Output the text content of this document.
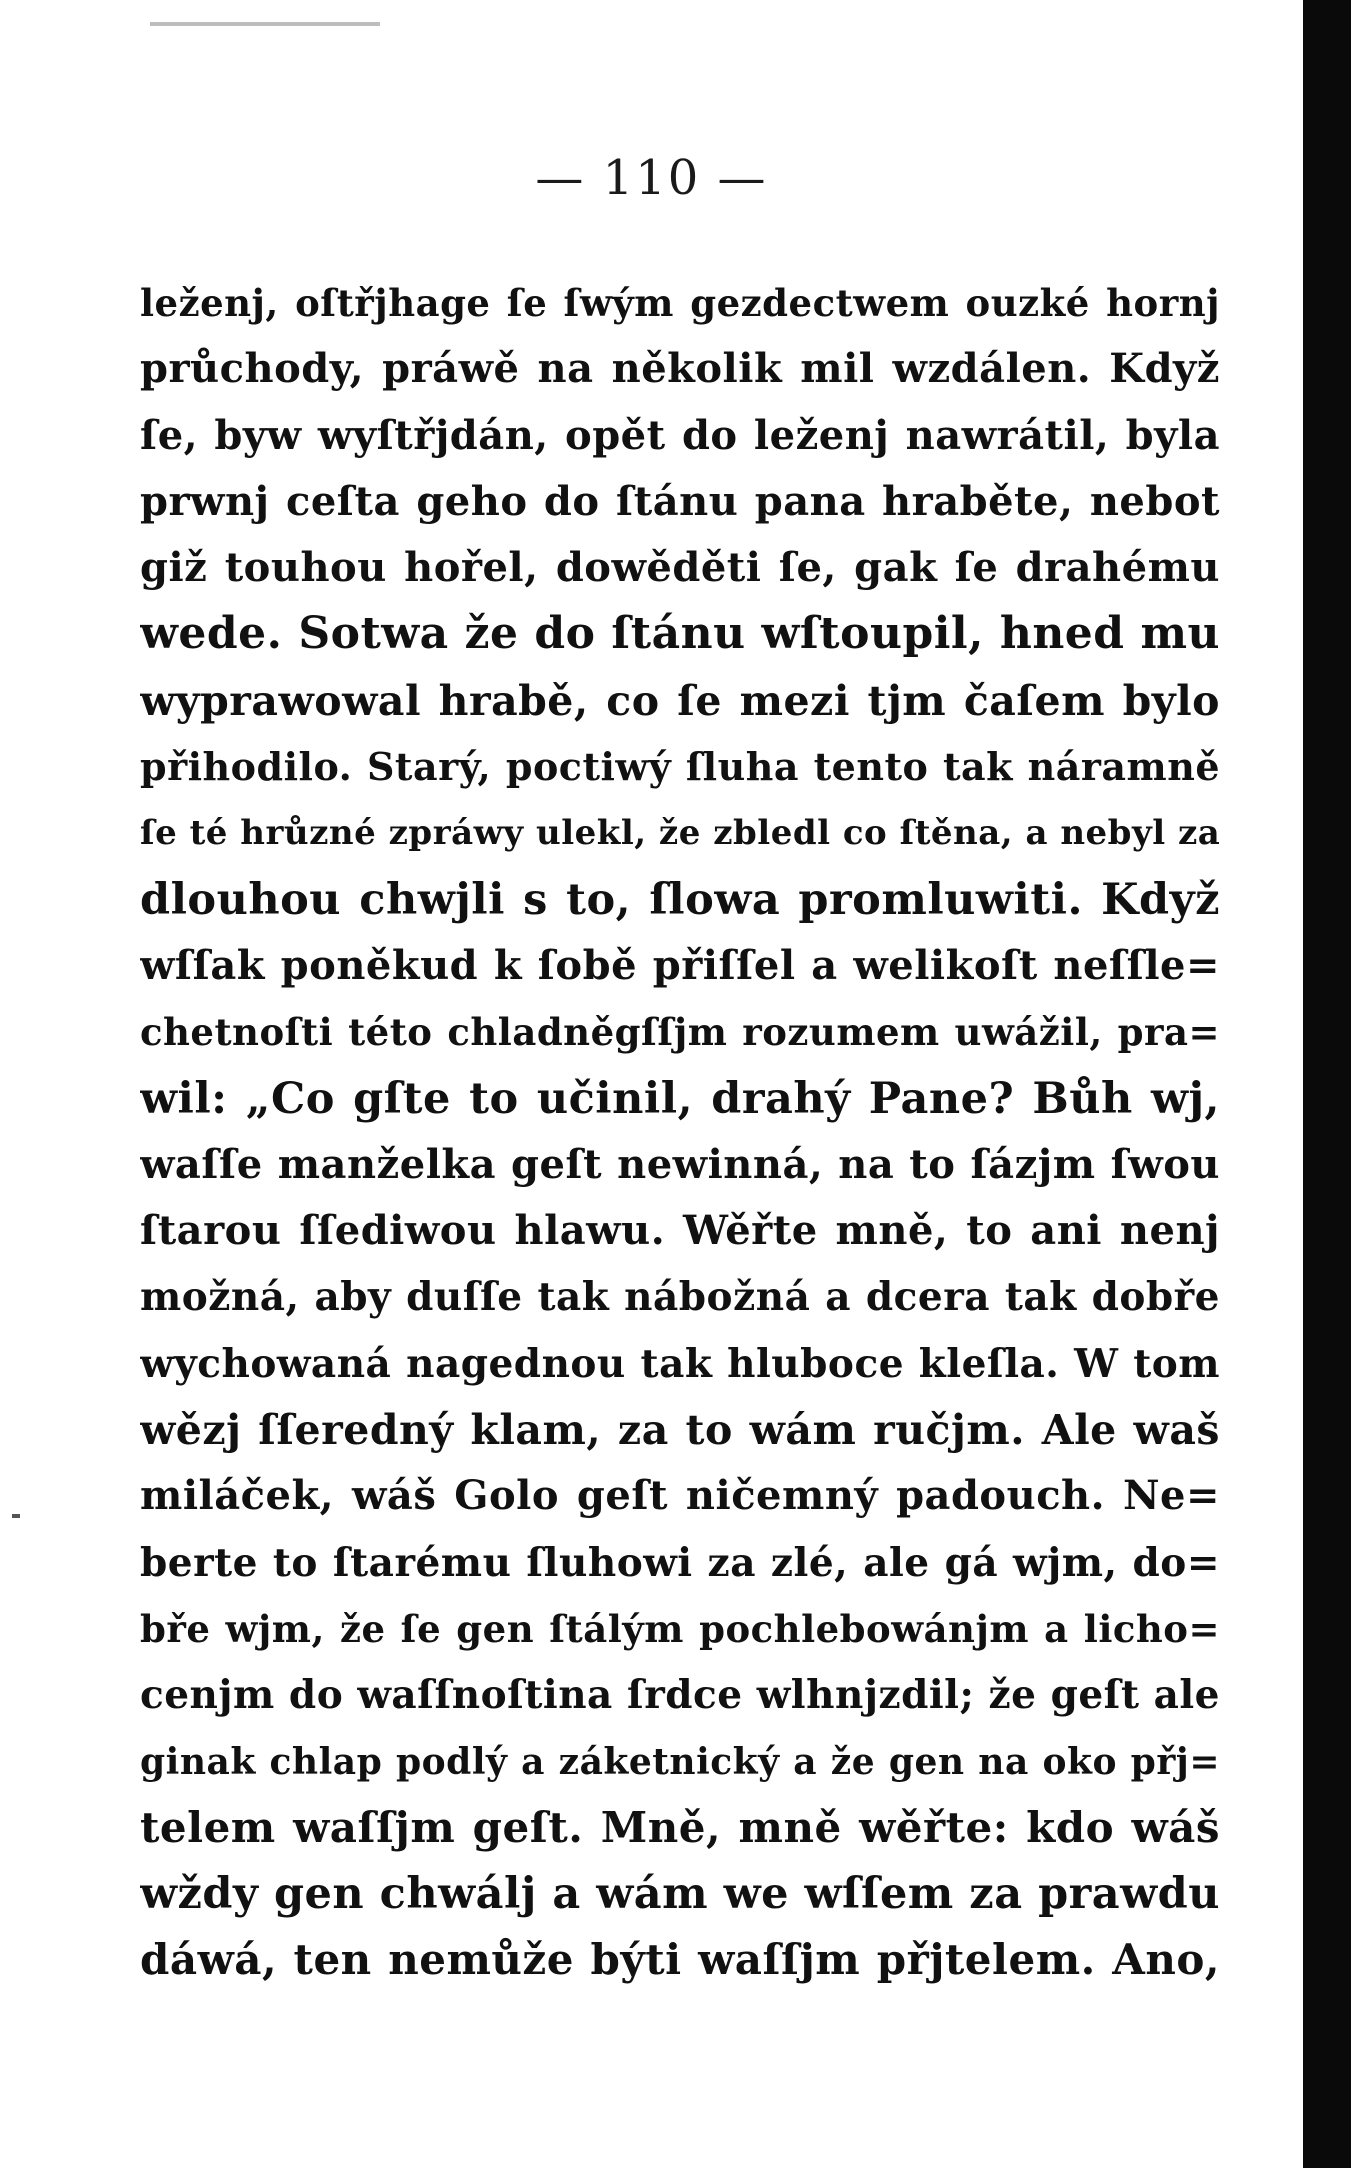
— 110 —
leženj, oſtřjhage ſe ſwým gezdectwem ouzké hornj
průchody, práwě na několik mil wzdálen. Když
ſe, byw wyſtřjdán, opět do leženj nawrátil, byla
prwnj ceſta geho do ſtánu pana hraběte, nebot
giž touhou hořel, dowěděti ſe, gak ſe drahému
wede. Sotwa že do ſtánu wſtoupil, hned mu
wyprawowal hrabě, co ſe mezi tjm čaſem bylo
přihodilo. Starý, poctiwý ſluha tento tak náramně
ſe té hrůzné zpráwy ulekl, že zbledl co ſtěna, a nebyl za
dlouhou chwjli s to, ſlowa promluwiti. Když
wſſak poněkud k ſobě přiſſel a welikoſt neſſle=
chetnoſti této chladněgſſjm rozumem uwážil, pra=
wil: „Co gſte to učinil, drahý Pane? Bůh wj,
waſſe manželka geſt newinná, na to ſázjm ſwou
ſtarou ſſediwou hlawu. Wěřte mně, to ani nenj
možná, aby duſſe tak nábožná a dcera tak dobře
wychowaná nagednou tak hluboce kleſla. W tom
wězj ſſeredný klam, za to wám ručjm. Ale waš
miláček, wáš Golo geſt ničemný padouch. Ne=
berte to ſtarému ſluhowi za zlé, ale gá wjm, do=
bře wjm, že ſe gen ſtálým pochlebowánjm a licho=
cenjm do waſſnoſtina ſrdce wlhnjzdil; že geſt ale
ginak chlap podlý a záketnický a že gen na oko přj=
telem waſſjm geſt. Mně, mně wěřte: kdo wáš
wždy gen chwálj a wám we wſſem za prawdu
dáwá, ten nemůže býti waſſjm přjtelem. Ano,
